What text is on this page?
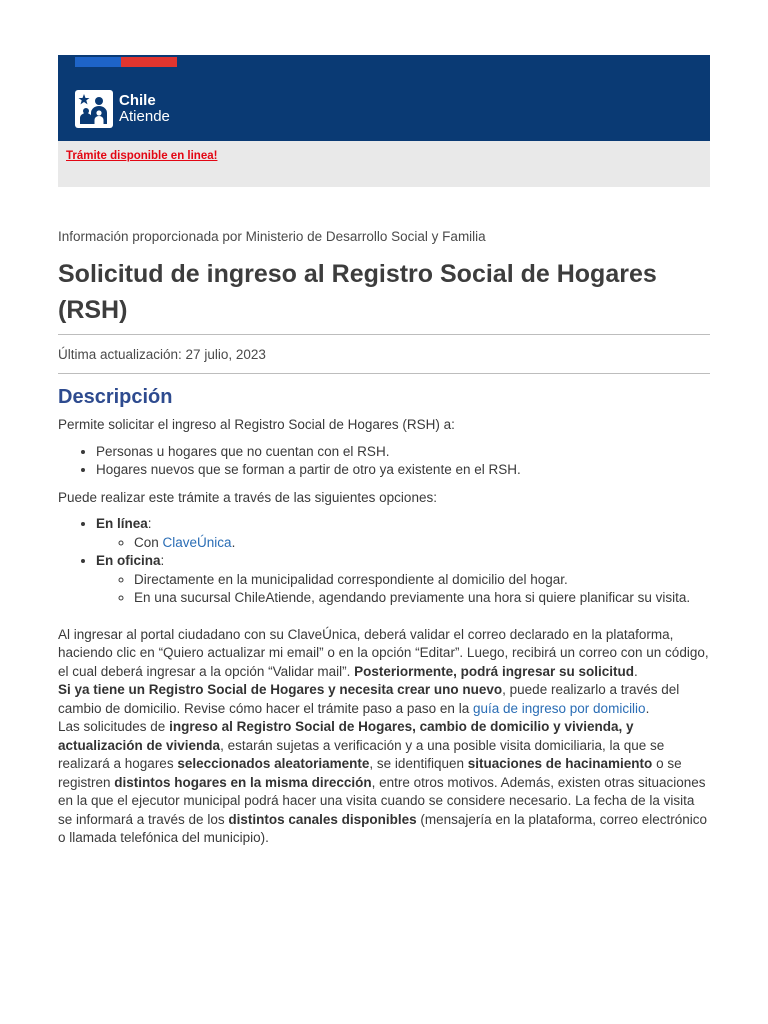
Chile
Atiende
Trámite disponible en linea!
Información proporcionada por Ministerio de Desarrollo Social y Familia
Solicitud de ingreso al Registro Social de Hogares (RSH)
Última actualización: 27 julio, 2023
Descripción

Permite solicitar el ingreso al Registro Social de Hogares (RSH) a:

• Personas u hogares que no cuentan con el RSH.
• Hogares nuevos que se forman a partir de otro ya existente en el RSH.

Puede realizar este trámite a través de las siguientes opciones:

• En línea:
◦ Con ClaveÚnica.
• En oficina:
◦ Directamente en la municipalidad correspondiente al domicilio del hogar.
◦ En una sucursal ChileAtiende, agendando previamente una hora si quiere planificar su visita.

Al ingresar al portal ciudadano con su ClaveÚnica, deberá validar el correo declarado en la plataforma, haciendo clic en “Quiero actualizar mi email” o en la opción “Editar”. Luego, recibirá un correo con un código, el cual deberá ingresar a la opción “Validar mail”. Posteriormente, podrá ingresar su solicitud.

Si ya tiene un Registro Social de Hogares y necesita crear uno nuevo, puede realizarlo a través del cambio de domicilio. Revise cómo hacer el trámite paso a paso en la guía de ingreso por domicilio.

Las solicitudes de ingreso al Registro Social de Hogares, cambio de domicilio y vivienda, y actualización de vivienda, estarán sujetas a verificación y a una posible visita domiciliaria, la que se realizará a hogares seleccionados aleatoriamente, se identifiquen situaciones de hacinamiento o se registren distintos hogares en la misma dirección, entre otros motivos. Además, existen otras situaciones en la que el ejecutor municipal podrá hacer una visita cuando se considere necesario. La fecha de la visita se informará a través de los distintos canales disponibles (mensajería en la plataforma, correo electrónico o llamada telefónica del municipio).
